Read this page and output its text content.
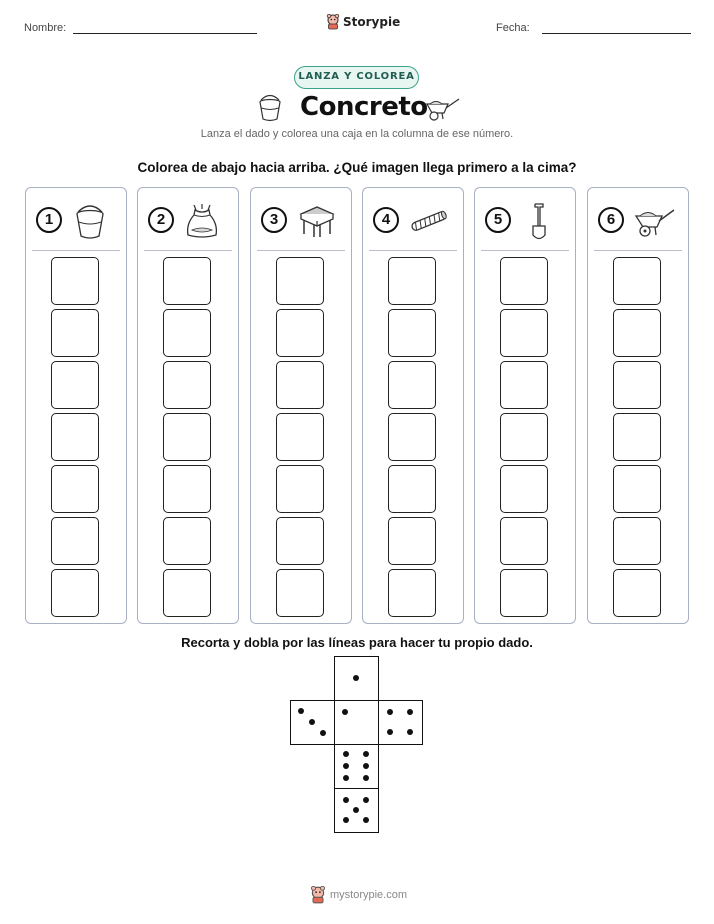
Nombre:	Storypie	Fecha:
LANZA Y COLOREA
Concreto
Lanza el dado y colorea una caja en la columna de ese número.
Colorea de abajo hacia arriba. ¿Qué imagen llega primero a la cima?
1	2	3	4	5	6
Recorta y dobla por las líneas para hacer tu propio dado.
mystorypie.com
